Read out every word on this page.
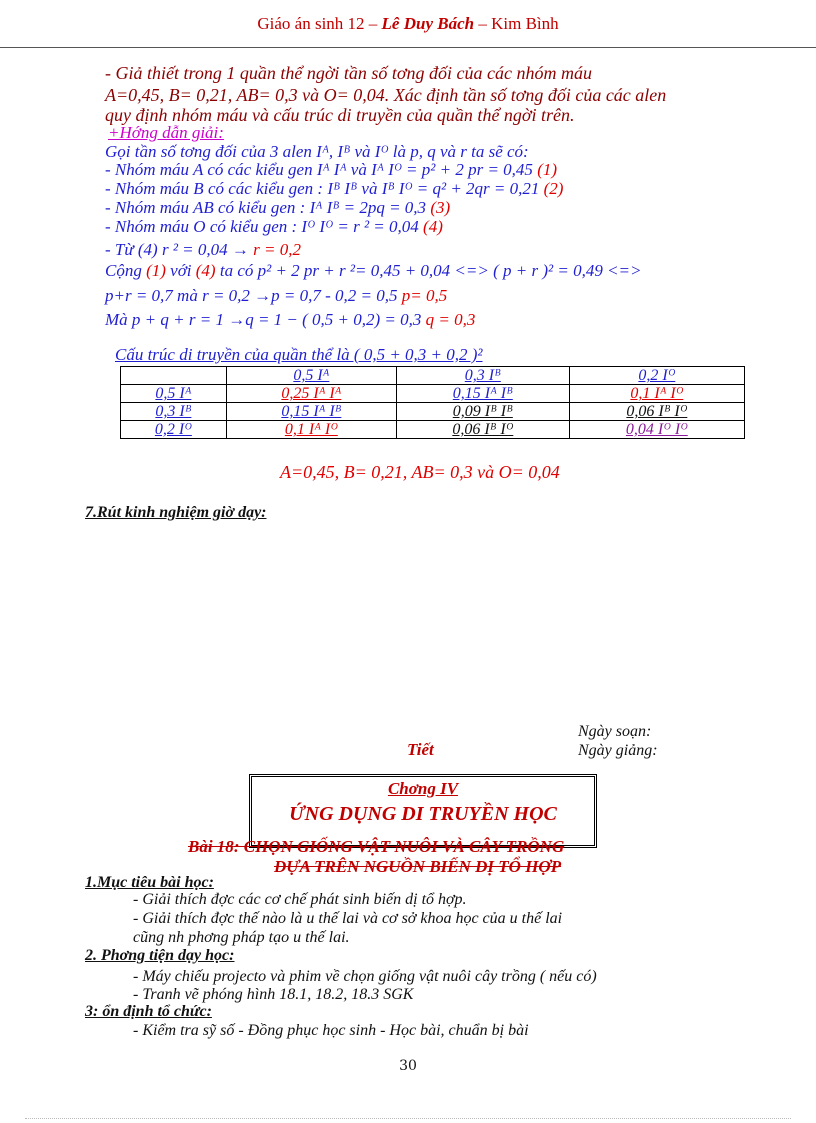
Giáo án sinh 12 – Lê Duy Bách – Kim Bình
- Giả thiết trong 1 quần thể ngời tần số tơng đối của các nhóm máu
A=0,45, B= 0,21, AB= 0,3 và O= 0,04. Xác định tần số tơng đối của các alen
quy định nhóm máu và cấu trúc di truyền của quần thể ngời trên.
+Hớng dẫn giải:
Gọi tần số tơng đối của 3 alen Iᴬ, Iᴮ và Iᴼ là p, q và r ta sẽ có:
- Nhóm máu A có các kiểu gen Iᴬ Iᴬ và Iᴬ Iᴼ = p² + 2 pr = 0,45 (1)
- Nhóm máu B có các kiểu gen : Iᴮ Iᴮ và Iᴮ Iᴼ = q² + 2qr = 0,21 (2)
- Nhóm máu AB có kiểu gen : Iᴬ Iᴮ = 2pq = 0,3 (3)
- Nhóm máu O có kiểu gen : Iᴼ Iᴼ = r ² = 0,04 (4)
- Từ (4) r ² = 0,04 → r = 0,2
Cộng (1) với (4) ta có p² + 2 pr + r ²= 0,45 + 0,04 <=> ( p + r )² = 0,49 <=>
p+r = 0,7 mà r = 0,2 →p = 0,7 - 0,2 = 0,5 p= 0,5
Mà p + q + r = 1 →q = 1 − ( 0,5 + 0,2) = 0,3 q = 0,3
Cấu trúc di truyền của quần thể là ( 0,5 + 0,3 + 0,2 )²
	0,5 Iᴬ	0,3 Iᴮ	0,2 Iᴼ
0,5 Iᴬ	0,25 Iᴬ Iᴬ	0,15 Iᴬ Iᴮ	0,1 Iᴬ Iᴼ
0,3 Iᴮ	0,15 Iᴬ Iᴮ	0,09 Iᴮ Iᴮ	0,06 Iᴮ Iᴼ
0,2 Iᴼ	0,1 Iᴬ Iᴼ	0,06 Iᴮ Iᴼ	0,04 Iᴼ Iᴼ
A=0,45, B= 0,21, AB= 0,3 và O= 0,04
7.Rút kinh nghiệm giờ dạy:
Ngày soạn:
Tiết	Ngày giảng:
Chơng IV
ỨNG DỤNG DI TRUYỀN HỌC
Bài 18: CHỌN GIỐNG VẬT NUÔI VÀ CÂY TRỒNG
DỰA TRÊN NGUỒN BIẾN DỊ TỔ HỢP
1.Mục tiêu bài học:
- Giải thích đợc các cơ chế phát sinh biến dị tổ hợp.
- Giải thích đợc thế nào là u thế lai và cơ sở khoa học của u thế lai
cũng nh phơng pháp tạo u thế lai.
2. Phơng tiện dạy học:
- Máy chiếu projecto và phim về chọn giống vật nuôi cây trồng ( nếu có)
- Tranh vẽ phóng hình 18.1, 18.2, 18.3 SGK
3: ổn định tổ chức:
- Kiểm tra sỹ số - Đồng phục học sinh - Học bài, chuẩn bị bài
30
